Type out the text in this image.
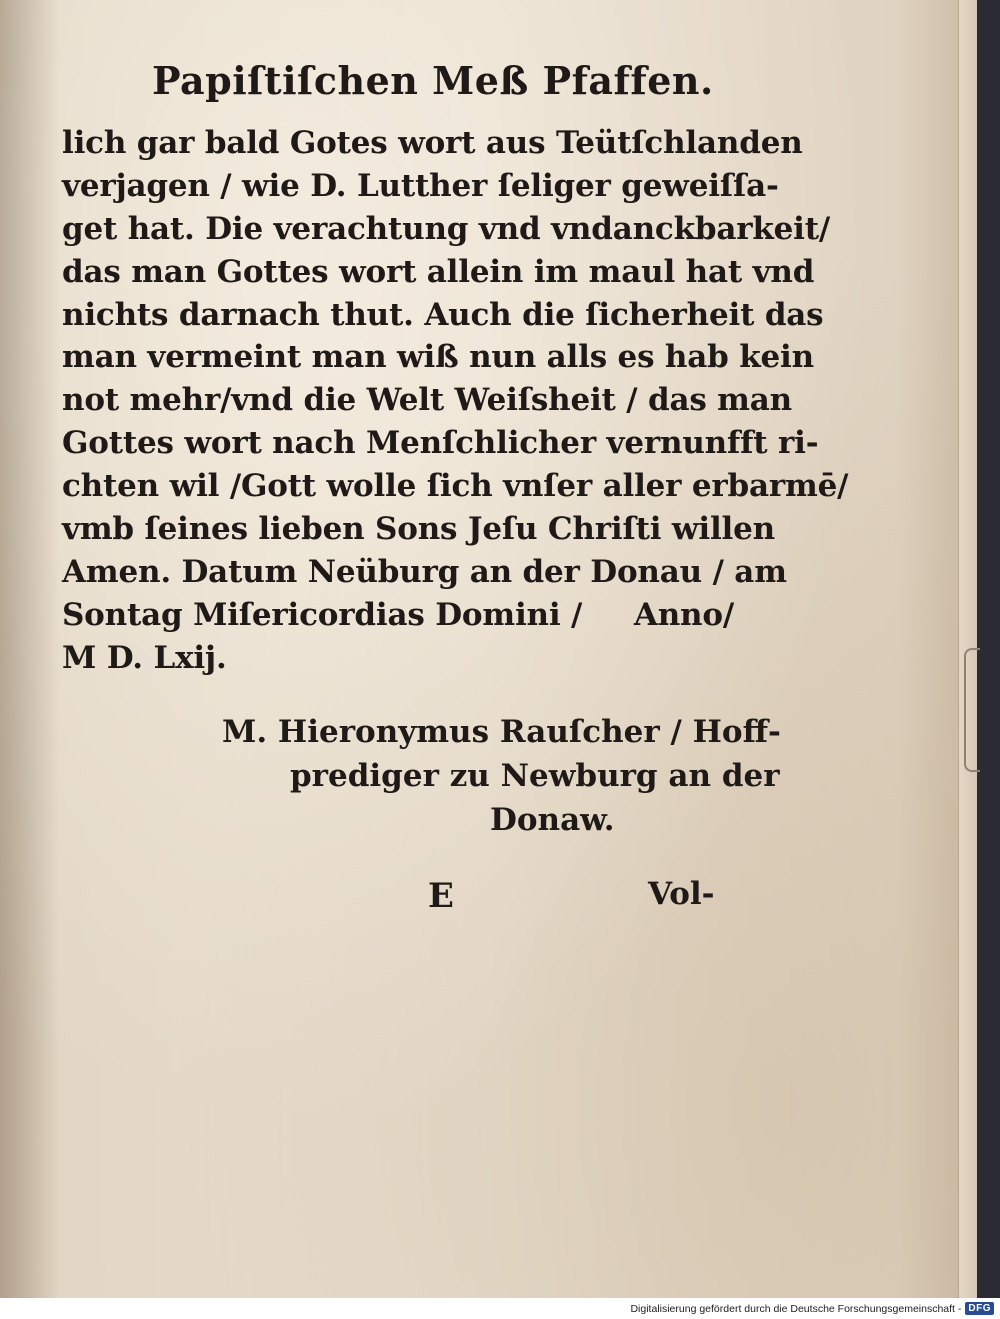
Papiſtiſchen Meß Pfaffen.
lich gar bald Gotes wort aus Teütſchlanden
verjagen / wie D. Lutther ſeliger geweiſſa-
get hat. Die verachtung vnd vndanckbarkeit/
das man Gottes wort allein im maul hat vnd
nichts darnach thut. Auch die ſicherheit das
man vermeint man wiß nun alls es hab kein
not mehr/vnd die Welt Weiſsheit / das man
Gottes wort nach Menſchlicher vernunfft ri-
chten wil /Gott wolle ſich vnſer aller erbarmē/
vmb ſeines lieben Sons Jeſu Chriſti willen
Amen. Datum Neüburg an der Donau / am
Sontag Miſericordias Domini / Anno/
M D. Lxij.
M. Hieronymus Rauſcher / Hoff-
prediger zu Newburg an der
Donaw.
E	Vol-
Digitalisierung gefördert durch die Deutsche Forschungsgemeinschaft - DFG
